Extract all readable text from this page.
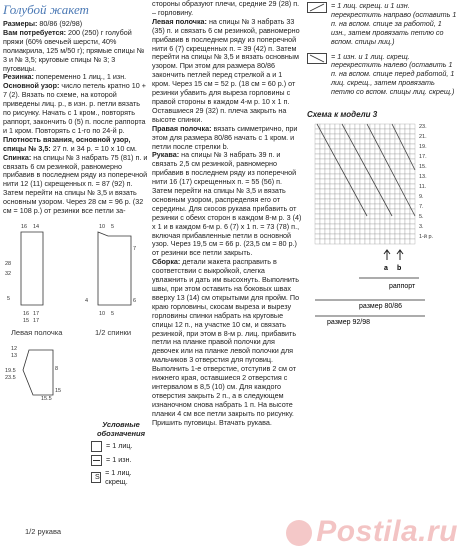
Голубой жакет

Размеры: 80/86 (92/98)

Вам потребуется: 200 (250) г голубой пряжи (60% овечьей шерсти, 40% полиакрила, 125 м/50 г); прямые спицы № 3 и № 3,5; круговые спицы № 3; 3 пуговицы.

Резинка: попеременно 1 лиц., 1 изн.

Основной узор: число петель кратно 10 + 7 (2). Вязать по схеме, на которой приведены лиц. р., в изн. р. петли вязать по рисунку. Начать с 1 кром., повторять раппорт, закончить 0 (5) п. после раппорта и 1 кром. Повторять с 1-го по 24-й р.

Плотность вязания, основной узор, спицы № 3,5: 27 п. и 34 р. = 10 х 10 см.

Спинка: на спицы № 3 набрать 75 (81) п. и связать 6 см резинкой, равномерно прибавив в последнем ряду из поперечной нити 12 (11) скрещенных п. = 87 (92) п. Затем перейти на спицы № 3,5 и вязать основным узором. Через 28 см = 96 р. (32 см = 108 р.) от резинки все петли за-

16 14	10 5
28
32
5
7
6
4
16 17	10 5
15 17
Левая полочка	1/2 спинки
12
13
19.5
23.5
8
15
15.5
Условные
обозначения
= 1 лиц.
= 1 изн.
S
= 1 лиц. скрещ.
1/2 рукава

стороны образуют плечи, средние 29 (28) п. – горловину.

Левая полочка: на спицы № 3 набрать 33 (35) п. и связать 6 см резинкой, равномерно прибавив в последнем ряду из поперечной нити 6 (7) скрещенных п. = 39 (42) п. Затем перейти на спицы № 3,5 и вязать основным узором. При этом для размера 80/86 закончить петлей перед стрелкой а и 1 кром. Через 15 см = 52 р. (18 см = 60 р.) от резинки убавить для выреза горловины с правой стороны в каждом 4-м р. 10 х 1 п. Оставшиеся 29 (32) п. плеча закрыть на высоте спинки.

Правая полочка: вязать симметрично, при этом для размера 80/86 начать с 1 кром. и петли после стрелки b.

Рукава: на спицы № 3 набрать 39 п. и связать 2,5 см резинкой, равномерно прибавив в последнем ряду из поперечной нити 16 (17) скрещенных п. = 55 (56) п. Затем перейти на спицы № 3,5 и вязать основным узором, распределяя его от середины. Для скосов рукава прибавить от резинки с обеих сторон в каждом 8-м р. 3 (4) х 1 и в каждом 6-м р. 6 (7) х 1 п. = 73 (78) п., включая прибавленные петли в основной узор. Через 19,5 см = 66 р. (23,5 см = 80 р.) от резинки все петли закрыть.

Сборка: детали жакета расправить в соответствии с выкройкой, слегка увлажнить и дать им высохнуть. Выполнить швы, при этом оставить на боковых швах вверху 13 (14) см открытыми для пройм. По краю горловины, скосам выреза и вырезу горловины спинки набрать на круговые спицы 12 п., на участке 10 см, и связать резинкой, при этом в 8-м р. лиц. прибавить петли на планке правой полочки для девочек или на планке левой полочки для мальчиков 3 отверстия для пуговиц. Выполнить 1-е отверстие, отступив 2 см от нижнего края, оставшиеся 2 отверстия с интервалом в 8,5 (10) см. Для каждого отверстия закрыть 2 п., а в следующем изнаночном снова набрать 1 п. На высоте планки 4 см все петли закрыть по рисунку. Пришить пуговицы. Втачать рукава.

= 1 лиц. скрещ. и 1 изн. перекрестить направо (оставить 1 п. на вспом. спице за работой, 1 изн., затем провязать петлю со вспом. спицы лиц.)
= 1 изн. и 1 лиц. скрещ. перекрестить налево (оставить 1 п. на вспом. спице перед работой, 1 лиц. скрещ., затем провязать петлю со вспом. спицы лиц. скрещ.)
Схема к модели 3
23.
21.
19.
17.
15.
13.
11.
9.
7.
5.
3.
1-й р.
a b
раппорт
размер 80/86
размер 92/98
Postila.ru
